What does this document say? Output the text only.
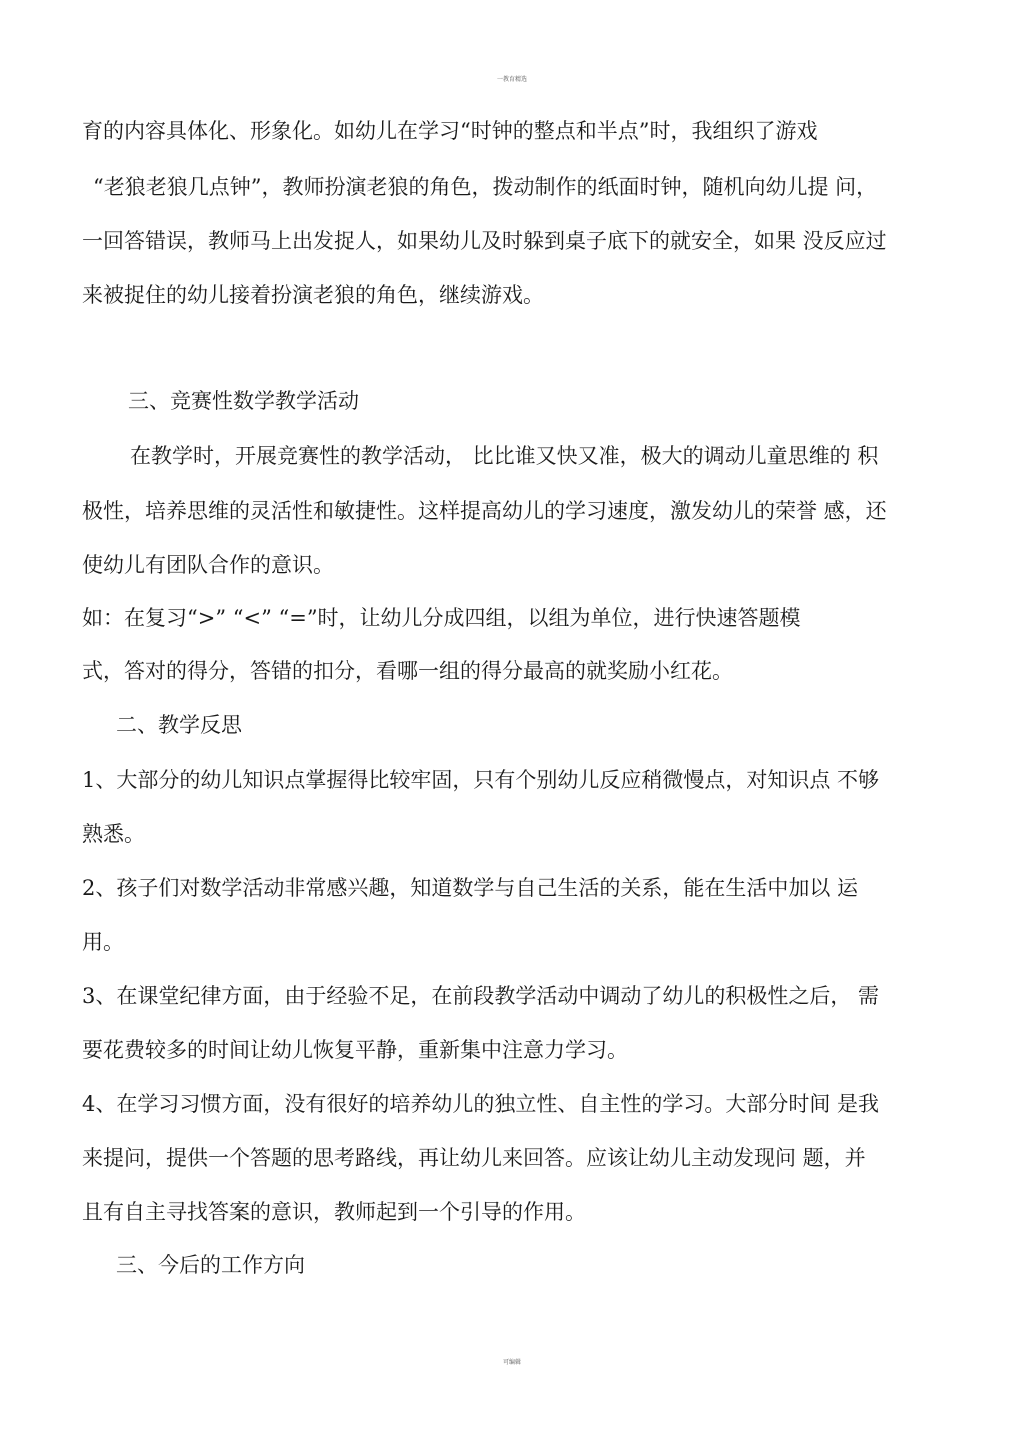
一教育精选
育的内容具体化、形象化。如幼儿在学习“时钟的整点和半点”时，我组织了游戏
“老狼老狼几点钟”，教师扮演老狼的角色，拨动制作的纸面时钟，随机向幼儿提 问，
一回答错误，教师马上出发捉人，如果幼儿及时躲到桌子底下的就安全，如果 没反应过
来被捉住的幼儿接着扮演老狼的角色，继续游戏。
三、竞赛性数学教学活动
在教学时，开展竞赛性的教学活动， 比比谁又快又准，极大的调动儿童思维的 积
极性，培养思维的灵活性和敏捷性。这样提高幼儿的学习速度，激发幼儿的荣誉 感，还
使幼儿有团队合作的意识。
如：在复习“>” “<” “=”时，让幼儿分成四组，以组为单位，进行快速答题模
式，答对的得分，答错的扣分，看哪一组的得分最高的就奖励小红花。
二、教学反思
1、大部分的幼儿知识点掌握得比较牢固，只有个别幼儿反应稍微慢点，对知识点 不够
熟悉。
2、孩子们对数学活动非常感兴趣，知道数学与自己生活的关系，能在生活中加以 运
用。
3、在课堂纪律方面，由于经验不足，在前段教学活动中调动了幼儿的积极性之后， 需
要花费较多的时间让幼儿恢复平静，重新集中注意力学习。
4、在学习习惯方面，没有很好的培养幼儿的独立性、自主性的学习。大部分时间 是我
来提问，提供一个答题的思考路线，再让幼儿来回答。应该让幼儿主动发现问 题，并
且有自主寻找答案的意识，教师起到一个引导的作用。
三、今后的工作方向
可编辑
